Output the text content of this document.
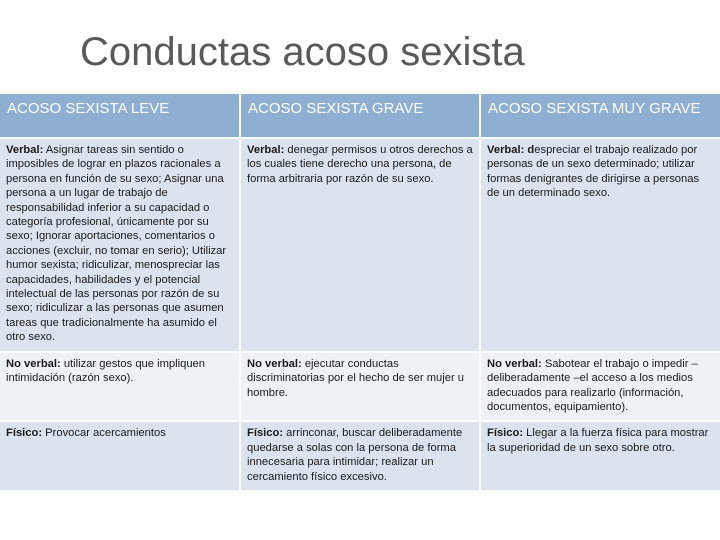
Conductas acoso sexista
ACOSO SEXISTA LEVE	ACOSO SEXISTA GRAVE	ACOSO SEXISTA MUY GRAVE
Verbal: Asignar tareas sin sentido o imposibles de lograr en plazos racionales a persona en función de su sexo; Asignar una persona a un lugar de trabajo de responsabilidad inferior a su capacidad o categoría profesional, únicamente por su sexo; Ignorar aportaciones, comentarios o acciones (excluir, no tomar en serio); Utilizar humor sexista; ridiculizar, menospreciar las capacidades, habilidades y el potencial intelectual de las personas por razón de su sexo; ridiculizar a las personas que asumen tareas que tradicionalmente ha asumido el otro sexo.	Verbal: denegar permisos u otros derechos a los cuales tiene derecho una persona, de forma arbitraria por razón de su sexo.	Verbal: despreciar el trabajo realizado por personas de un sexo determinado; utilizar formas denigrantes de dirigirse a personas de un determinado sexo.
No verbal: utilizar gestos que impliquen intimidación (razón sexo).	No verbal: ejecutar conductas discriminatorias por el hecho de ser mujer u hombre.	No verbal: Sabotear el trabajo o impedir – deliberadamente –el acceso a los medios adecuados para realizarlo (información, documentos, equipamiento).
Físico: Provocar acercamientos	Físico: arrinconar, buscar deliberadamente quedarse a solas con la persona de forma innecesaria para intimidar; realizar un cercamiento físico excesivo.	Físico: Llegar a la fuerza física para mostrar la superioridad de un sexo sobre otro.
